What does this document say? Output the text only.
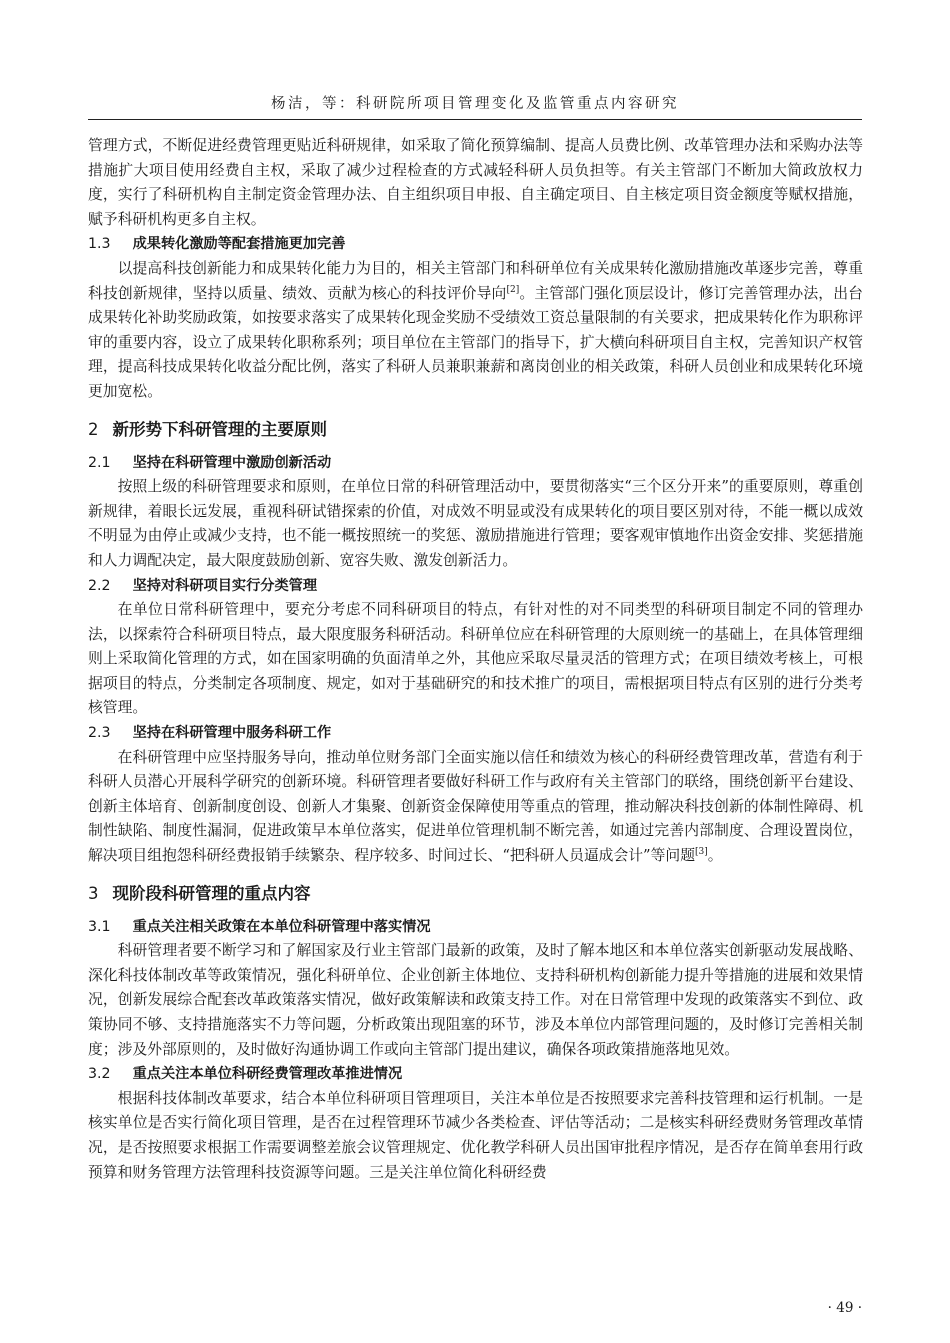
杨洁，等：科研院所项目管理变化及监管重点内容研究

管理方式，不断促进经费管理更贴近科研规律，如采取了简化预算编制、提高人员费比例、改革管理办法和采购办法等措施扩大项目使用经费自主权，采取了减少过程检查的方式减轻科研人员负担等。有关主管部门不断加大简政放权力度，实行了科研机构自主制定资金管理办法、自主组织项目申报、自主确定项目、自主核定项目资金额度等赋权措施，赋予科研机构更多自主权。

1.3 成果转化激励等配套措施更加完善

以提高科技创新能力和成果转化能力为目的，相关主管部门和科研单位有关成果转化激励措施改革逐步完善，尊重科技创新规律，坚持以质量、绩效、贡献为核心的科技评价导向[2]。主管部门强化顶层设计，修订完善管理办法，出台成果转化补助奖励政策，如按要求落实了成果转化现金奖励不受绩效工资总量限制的有关要求，把成果转化作为职称评审的重要内容，设立了成果转化职称系列；项目单位在主管部门的指导下，扩大横向科研项目自主权，完善知识产权管理，提高科技成果转化收益分配比例，落实了科研人员兼职兼薪和离岗创业的相关政策，科研人员创业和成果转化环境更加宽松。

2 新形势下科研管理的主要原则
2.1 坚持在科研管理中激励创新活动

按照上级的科研管理要求和原则，在单位日常的科研管理活动中，要贯彻落实“三个区分开来”的重要原则，尊重创新规律，着眼长远发展，重视科研试错探索的价值，对成效不明显或没有成果转化的项目要区别对待，不能一概以成效不明显为由停止或减少支持，也不能一概按照统一的奖惩、激励措施进行管理；要客观审慎地作出资金安排、奖惩措施和人力调配决定，最大限度鼓励创新、宽容失败、激发创新活力。

2.2 坚持对科研项目实行分类管理

在单位日常科研管理中，要充分考虑不同科研项目的特点，有针对性的对不同类型的科研项目制定不同的管理办法，以探索符合科研项目特点，最大限度服务科研活动。科研单位应在科研管理的大原则统一的基础上，在具体管理细则上采取简化管理的方式，如在国家明确的负面清单之外，其他应采取尽量灵活的管理方式；在项目绩效考核上，可根据项目的特点，分类制定各项制度、规定，如对于基础研究的和技术推广的项目，需根据项目特点有区别的进行分类考核管理。

2.3 坚持在科研管理中服务科研工作

在科研管理中应坚持服务导向，推动单位财务部门全面实施以信任和绩效为核心的科研经费管理改革，营造有利于科研人员潜心开展科学研究的创新环境。科研管理者要做好科研工作与政府有关主管部门的联络，围绕创新平台建设、创新主体培育、创新制度创设、创新人才集聚、创新资金保障使用等重点的管理，推动解决科技创新的体制性障碍、机制性缺陷、制度性漏洞，促进政策早本单位落实，促进单位管理机制不断完善，如通过完善内部制度、合理设置岗位，解决项目组抱怨科研经费报销手续繁杂、程序较多、时间过长、“把科研人员逼成会计”等问题[3]。

3 现阶段科研管理的重点内容
3.1 重点关注相关政策在本单位科研管理中落实情况

科研管理者要不断学习和了解国家及行业主管部门最新的政策，及时了解本地区和本单位落实创新驱动发展战略、深化科技体制改革等政策情况，强化科研单位、企业创新主体地位、支持科研机构创新能力提升等措施的进展和效果情况，创新发展综合配套改革政策落实情况，做好政策解读和政策支持工作。对在日常管理中发现的政策落实不到位、政策协同不够、支持措施落实不力等问题，分析政策出现阻塞的环节，涉及本单位内部管理问题的，及时修订完善相关制度；涉及外部原则的，及时做好沟通协调工作或向主管部门提出建议，确保各项政策措施落地见效。

3.2 重点关注本单位科研经费管理改革推进情况

根据科技体制改革要求，结合本单位科研项目管理项目，关注本单位是否按照要求完善科技管理和运行机制。一是核实单位是否实行简化项目管理，是否在过程管理环节减少各类检查、评估等活动；二是核实科研经费财务管理改革情况，是否按照要求根据工作需要调整差旅会议管理规定、优化教学科研人员出国审批程序情况，是否存在简单套用行政预算和财务管理方法管理科技资源等问题。三是关注单位简化科研经费

· 49 ·
